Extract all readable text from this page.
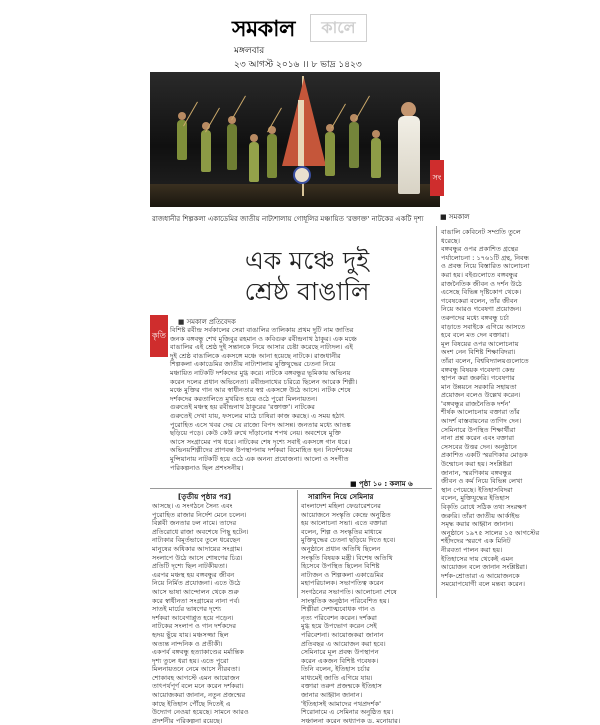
সমকাল	কালে
মঙ্গলবার
২৩ আগস্ট ২০১৬ ।। ৮ ভাদ্র ১৪২৩
সং
রাজধানীর শিল্পকলা একাডেমির জাতীয় নাট্যশালায় গোধূলির মঞ্চায়িত 'রক্তাক্ত' নাটকের একটি দৃশ্য ■ সমকাল
এক মঞ্চে দুই
শ্রেষ্ঠ বাঙালি
■ সমকাল প্রতিবেদক
কৃতি
বিশিষ্ট রবীন্দ্র সর্বকালের সেরা বাঙালির তালিকায় প্রথম দুটি নাম জাতির
জনক বঙ্গবন্ধু শেখ মুজিবুর রহমান ও কবিগুরু রবীন্দ্রনাথ ঠাকুর। এক মঞ্চে
বাঙালির এই শ্রেষ্ঠ দুই সন্তানকে নিয়ে আসার চেষ্টা করেছে নাট্যদল। এই
দুই শ্রেষ্ঠ বাঙালিকে একসঙ্গে মঞ্চে আনা হয়েছে নাটকে। রাজধানীর
শিল্পকলা একাডেমির জাতীয় নাট্যশালায় মুক্তিযুদ্ধের চেতনা নিয়ে
মঞ্চায়িত নাটকটি দর্শকদের মুগ্ধ করে। নাটকে বঙ্গবন্ধুর ভূমিকায় অভিনয়
করেন দলের প্রধান অভিনেতা। রবীন্দ্রনাথের চরিত্রে ছিলেন আরেক শিল্পী।
মঞ্চে মুক্তির গান আর স্বাধীনতার স্বপ্ন একসঙ্গে উঠে আসে। নাটক শেষে
দর্শকদের করতালিতে মুখরিত হয়ে ওঠে পুরো মিলনায়তন।
গুরুতেই মঞ্চস্থ হয় রবীন্দ্রনাথ ঠাকুরের 'রক্তাক্ত'। নাটকের
গুরুতেই দেখা যায়, ফসলের মাঠে চাষিরা কাজ করছে। এ সময় হঠাৎ
পুরোহিত এসে খবর দেয় যে রাজ্যে বিপদ আসন্ন। জনতার মধ্যে আতঙ্ক
ছড়িয়ে পড়ে। কেউ কেউ রুখে দাঁড়ানোর শপথ নেয়। অবশেষে মুক্তি
আসে সংগ্রামের পথ ধরে। নাটকের শেষ দৃশ্যে সবাই একসঙ্গে গান ধরে।
অভিনয়শিল্পীদের প্রাণবন্ত উপস্থাপনায় দর্শকরা বিমোহিত হন। নির্দেশকের
মুন্সিয়ানায় নাটকটি হয়ে ওঠে এক অনন্য প্রযোজনা। আলো ও সংগীত
পরিকল্পনাও ছিল প্রশংসনীয়।
■ পৃষ্ঠা ১০ : কলাম ৬
[তৃতীয় পৃষ্ঠার পর]	সারাদিন নিয়ে সেমিনার
আসছে। এ সংগঠনে সৈন্য এবং
পুরোহিত রাজার নির্দেশ মেনে চলেন।
বিপ্লবী জনতার ঢল নামে। তাদের
প্রতিরোধে রাজা অবশেষে পিছু হটেন।
নাট্যকার বিমূর্তভাবে তুলে ধরেছেন
মানুষের অধিকার আদায়ের সংগ্রাম।
সংলাপে উঠে আসে শোষণের চিত্র।
প্রতিটি দৃশ্যে ছিল নাটকীয়তা।
এরপর মঞ্চস্থ হয় বঙ্গবন্ধুর জীবন
নিয়ে নির্মিত প্রযোজনা। এতে উঠে
আসে ভাষা আন্দোলন থেকে শুরু
করে স্বাধীনতা সংগ্রামের নানা পর্ব।
সাতই মার্চের ভাষণের দৃশ্যে
দর্শকরা আবেগাপ্লুত হয়ে পড়েন।
নাটকের সংলাপ ও গান দর্শকদের
হৃদয় ছুঁয়ে যায়। মঞ্চসজ্জা ছিল
অত্যন্ত নান্দনিক ও প্রতীকী।
একপর্ব বঙ্গবন্ধু হত্যাকাণ্ডের মর্মান্তিক
দৃশ্য তুলে ধরা হয়। এতে পুরো
মিলনায়তনে নেমে আসে নীরবতা।
শোকাবহ আগস্টে এমন আয়োজন
তাৎপর্যপূর্ণ বলে মনে করেন দর্শকরা।
আয়োজকরা জানান, নতুন প্রজন্মের
কাছে ইতিহাস পৌঁছে দিতেই এ
উদ্যোগ নেওয়া হয়েছে। সামনে আরও
প্রদর্শনীর পরিকল্পনা রয়েছে।
বাংলাদেশ মহিলা ফেডারেশনের
আয়োজনে সংস্কৃতি কেন্দ্রে অনুষ্ঠিত
হয় আলোচনা সভা। এতে বক্তারা
বলেন, শিল্প ও সংস্কৃতির মাধ্যমে
মুক্তিযুদ্ধের চেতনা ছড়িয়ে দিতে হবে।
অনুষ্ঠানে প্রধান অতিথি ছিলেন
সংস্কৃতি বিষয়ক মন্ত্রী। বিশেষ অতিথি
হিসেবে উপস্থিত ছিলেন বিশিষ্ট
নাট্যজন ও শিল্পকলা একাডেমির
মহাপরিচালক। সভাপতিত্ব করেন
সংগঠনের সভাপতি। আলোচনা শেষে
সাংস্কৃতিক অনুষ্ঠান পরিবেশিত হয়।
শিল্পীরা দেশাত্মবোধক গান ও
নৃত্য পরিবেশন করেন। দর্শকরা
মুগ্ধ হয়ে উপভোগ করেন সেই
পরিবেশনা। আয়োজকরা জানান
প্রতিবছর এ আয়োজন করা হবে।
সেমিনারে মূল প্রবন্ধ উপস্থাপন
করেন একজন বিশিষ্ট গবেষক।
তিনি বলেন, ইতিহাস চর্চার
মাধ্যমেই জাতি এগিয়ে যায়।
বক্তারা তরুণ প্রজন্মকে ইতিহাস
জানার আহ্বান জানান।
'ইতিহাসই আমাদের পথপ্রদর্শক'
শিরোনামে এ সেমিনার অনুষ্ঠিত হয়।
সঞ্চালনা করেন অধ্যাপক ড. মনোয়ার।
বাঙালি কেবিনেট সম্প্রতি তুলে
ধরেছে।
বঙ্গবন্ধুর ওপর প্রকাশিত গ্রন্থের
পর্যালোচনা : ১৭৬১টি গ্রন্থ, নিবন্ধ
ও প্রবন্ধ নিয়ে বিস্তারিত আলোচনা
করা হয়। বইগুলোতে বঙ্গবন্ধুর
রাজনৈতিক জীবন ও দর্শন উঠে
এসেছে বিভিন্ন দৃষ্টিকোণ থেকে।
গবেষকেরা বলেন, তাঁর জীবন
নিয়ে আরও গবেষণা প্রয়োজন।
তরুণদের মধ্যে বঙ্গবন্ধু চর্চা
বাড়াতে সবাইকে এগিয়ে আসতে
হবে বলে মত দেন বক্তারা।
মূল বিষয়ের ওপর আলোচনায়
অংশ নেন বিশিষ্ট শিক্ষাবিদরা।
তাঁরা বলেন, বিশ্ববিদ্যালয়গুলোতে
বঙ্গবন্ধু বিষয়ক গবেষণা কেন্দ্র
স্থাপন করা জরুরি। গবেষণার
মান উন্নয়নে সরকারি সহায়তা
প্রয়োজন বলেও উল্লেখ করেন।
'বঙ্গবন্ধুর রাজনৈতিক দর্শন'
শীর্ষক আলোচনায় বক্তারা তাঁর
আদর্শ বাস্তবায়নের তাগিদ দেন।
সেমিনারে উপস্থিত শিক্ষার্থীরা
নানা প্রশ্ন করেন এবং বক্তারা
সেসবের উত্তর দেন। অনুষ্ঠানে
প্রকাশিত একটি স্মরণিকার মোড়ক
উন্মোচন করা হয়। সংশ্লিষ্টরা
জানান, স্মরণিকায় বঙ্গবন্ধুর
জীবন ও কর্ম নিয়ে বিভিন্ন লেখা
স্থান পেয়েছে। ইতিহাসবিদরা
বলেন, মুক্তিযুদ্ধের ইতিহাস
বিকৃতি রোধে সঠিক তথ্য সংরক্ষণ
জরুরি। তাঁরা জাতীয় আর্কাইভ
সমৃদ্ধ করার আহ্বান জানান।
অনুষ্ঠানে ১৯৭৫ সালের ১৫ আগস্টের
শহীদদের স্মরণে এক মিনিট
নীরবতা পালন করা হয়।
ইতিহাসের দায় থেকেই এমন
আয়োজন বলে জানান সংশ্লিষ্টরা।
দর্শক-শ্রোতারা এ আয়োজনকে
সময়োপযোগী বলে মন্তব্য করেন।
